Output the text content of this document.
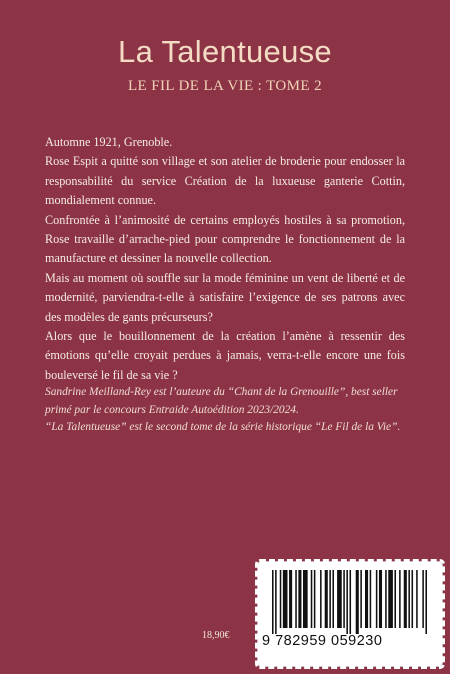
La Talentueuse
LE FIL DE LA VIE : TOME 2

Automne 1921, Grenoble.

Rose Espit a quitté son village et son atelier de broderie pour endosser la responsabilité du service Création de la luxueuse ganterie Cottin, mondialement connue.

Confrontée à l’animosité de certains employés hostiles à sa promotion, Rose travaille d’arrache-pied pour comprendre le fonctionnement de la manufacture et dessiner la nouvelle collection.

Mais au moment où souffle sur la mode féminine un vent de liberté et de modernité, parviendra-t-elle à satisfaire l’exigence de ses patrons avec des modèles de gants précurseurs?

Alors que le bouillonnement de la création l’amène à ressentir des émotions qu’elle croyait perdues à jamais, verra-t-elle encore une fois bouleversé le fil de sa vie ?

Sandrine Meilland-Rey est l’auteure du “Chant de la Grenouille”, best seller primé par le concours Entraide Autoédition 2023/2024.

“La Talentueuse” est le second tome de la série historique “Le Fil de la Vie”.

18,90€ 9 782959 059230
